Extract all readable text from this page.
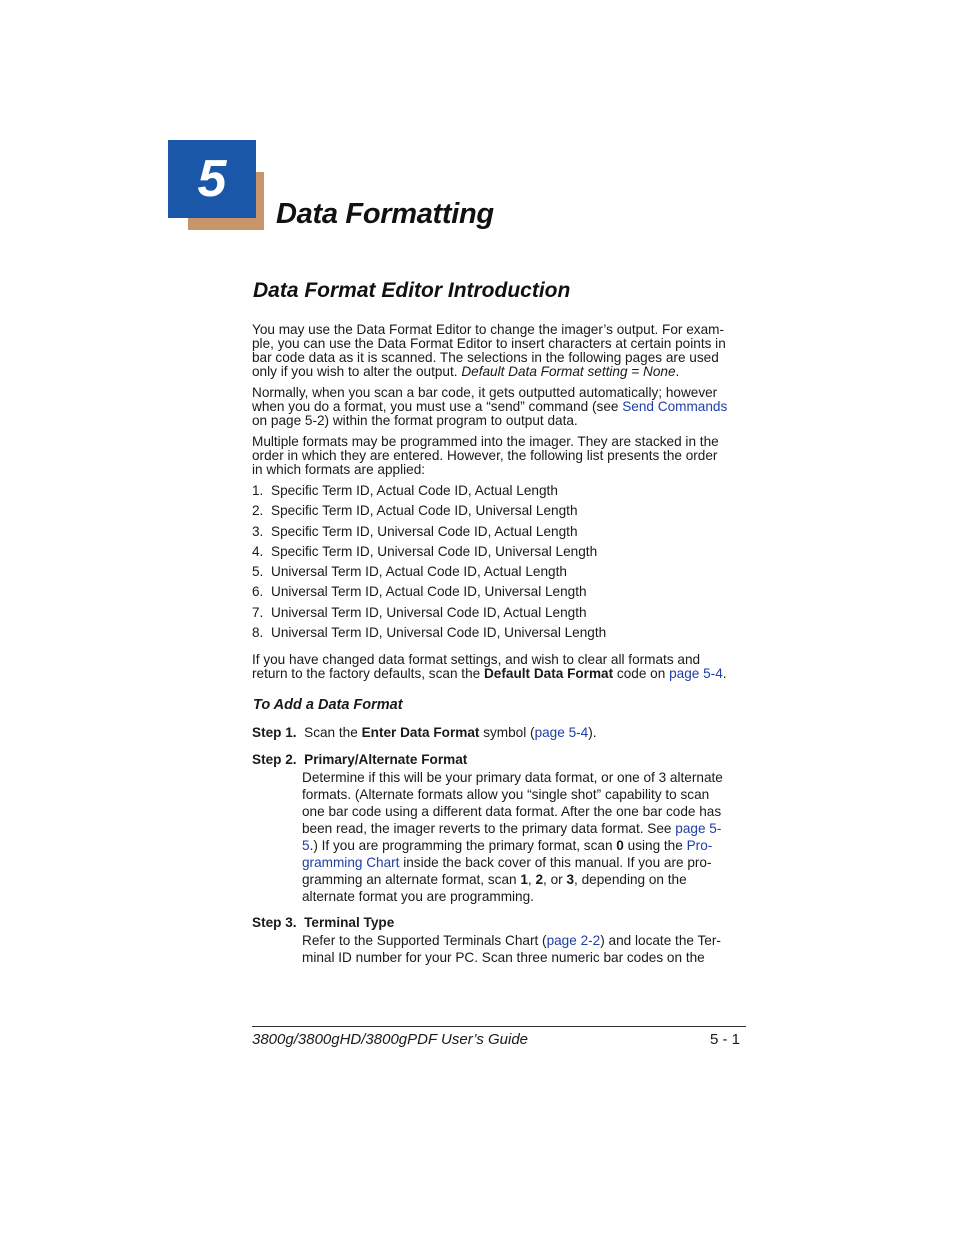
5
Data Formatting
Data Format Editor Introduction

You may use the Data Format Editor to change the imager’s output. For exam-

ple, you can use the Data Format Editor to insert characters at certain points in

bar code data as it is scanned. The selections in the following pages are used

only if you wish to alter the output. Default Data Format setting = None.

Normally, when you scan a bar code, it gets outputted automatically; however

when you do a format, you must use a “send” command (see Send Commands

on page 5-2) within the format program to output data.

Multiple formats may be programmed into the imager. They are stacked in the

order in which they are entered. However, the following list presents the order

in which formats are applied:

1. Specific Term ID, Actual Code ID, Actual Length
2. Specific Term ID, Actual Code ID, Universal Length
3. Specific Term ID, Universal Code ID, Actual Length
4. Specific Term ID, Universal Code ID, Universal Length
5. Universal Term ID, Actual Code ID, Actual Length
6. Universal Term ID, Actual Code ID, Universal Length
7. Universal Term ID, Universal Code ID, Actual Length
8. Universal Term ID, Universal Code ID, Universal Length

If you have changed data format settings, and wish to clear all formats and

return to the factory defaults, scan the Default Data Format code on page 5-4.

To Add a Data Format
Step 1.  Scan the Enter Data Format symbol (page 5-4).
Step 2.  Primary/Alternate Format

Determine if this will be your primary data format, or one of 3 alternate

formats. (Alternate formats allow you “single shot” capability to scan

one bar code using a different data format. After the one bar code has

been read, the imager reverts to the primary data format. See page 5-

5.) If you are programming the primary format, scan 0 using the Pro-

gramming Chart inside the back cover of this manual. If you are pro-

gramming an alternate format, scan 1, 2, or 3, depending on the

alternate format you are programming.

Step 3.  Terminal Type

Refer to the Supported Terminals Chart (page 2-2) and locate the Ter-

minal ID number for your PC. Scan three numeric bar codes on the

3800g/3800gHD/3800gPDF User’s Guide	5 - 1
